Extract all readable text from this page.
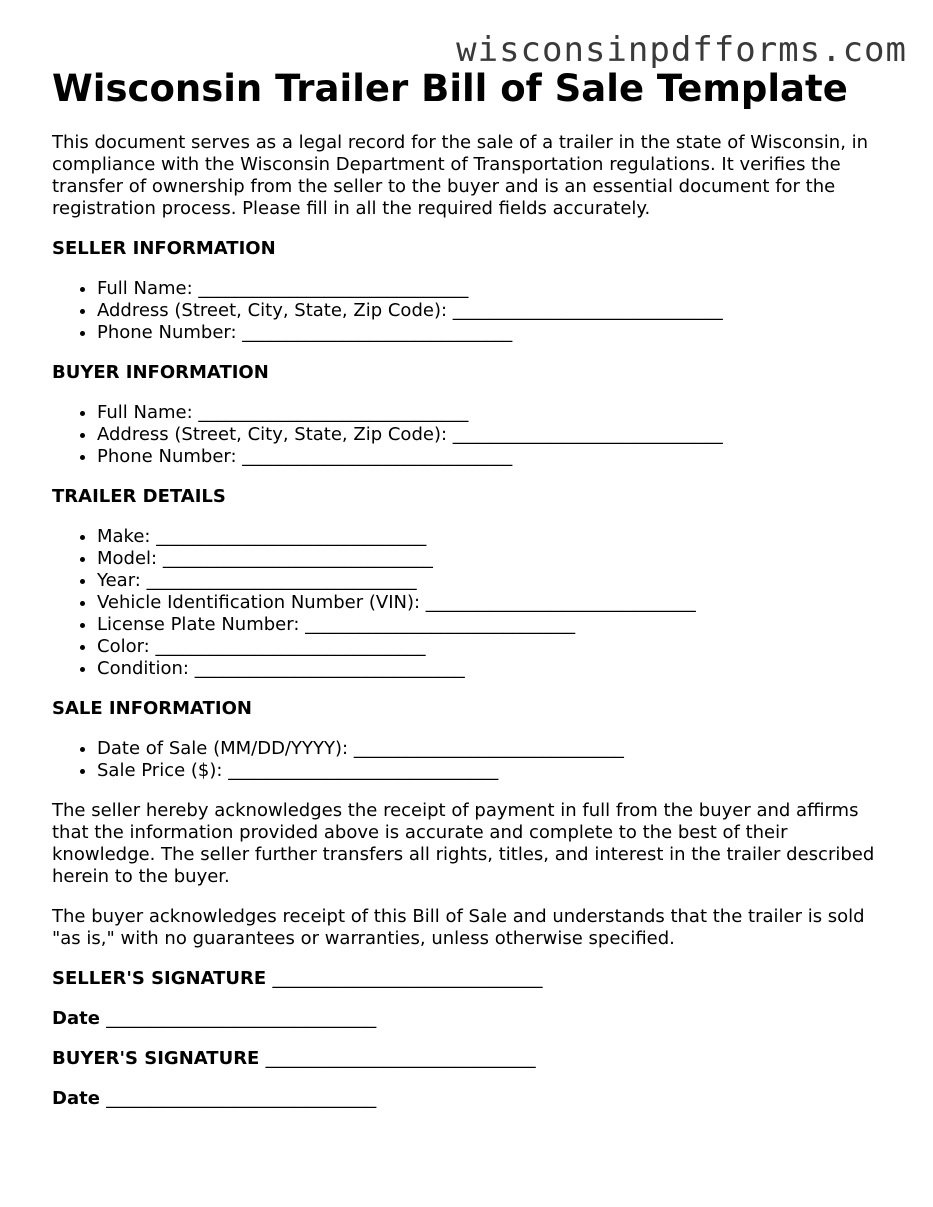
wisconsinpdfforms.com
Wisconsin Trailer Bill of Sale Template

This document serves as a legal record for the sale of a trailer in the state of Wisconsin, in compliance with the Wisconsin Department of Transportation regulations. It verifies the transfer of ownership from the seller to the buyer and is an essential document for the registration process. Please fill in all the required fields accurately.

SELLER INFORMATION
• Full Name: ______________________________
• Address (Street, City, State, Zip Code): ______________________________
• Phone Number: ______________________________
BUYER INFORMATION
• Full Name: ______________________________
• Address (Street, City, State, Zip Code): ______________________________
• Phone Number: ______________________________
TRAILER DETAILS
• Make: ______________________________
• Model: ______________________________
• Year: ______________________________
• Vehicle Identification Number (VIN): ______________________________
• License Plate Number: ______________________________
• Color: ______________________________
• Condition: ______________________________
SALE INFORMATION
• Date of Sale (MM/DD/YYYY): ______________________________
• Sale Price ($): ______________________________

The seller hereby acknowledges the receipt of payment in full from the buyer and affirms that the information provided above is accurate and complete to the best of their knowledge. The seller further transfers all rights, titles, and interest in the trailer described herein to the buyer.

The buyer acknowledges receipt of this Bill of Sale and understands that the trailer is sold "as is," with no guarantees or warranties, unless otherwise specified.

SELLER'S SIGNATURE ______________________________

Date ______________________________

BUYER'S SIGNATURE ______________________________

Date ______________________________
